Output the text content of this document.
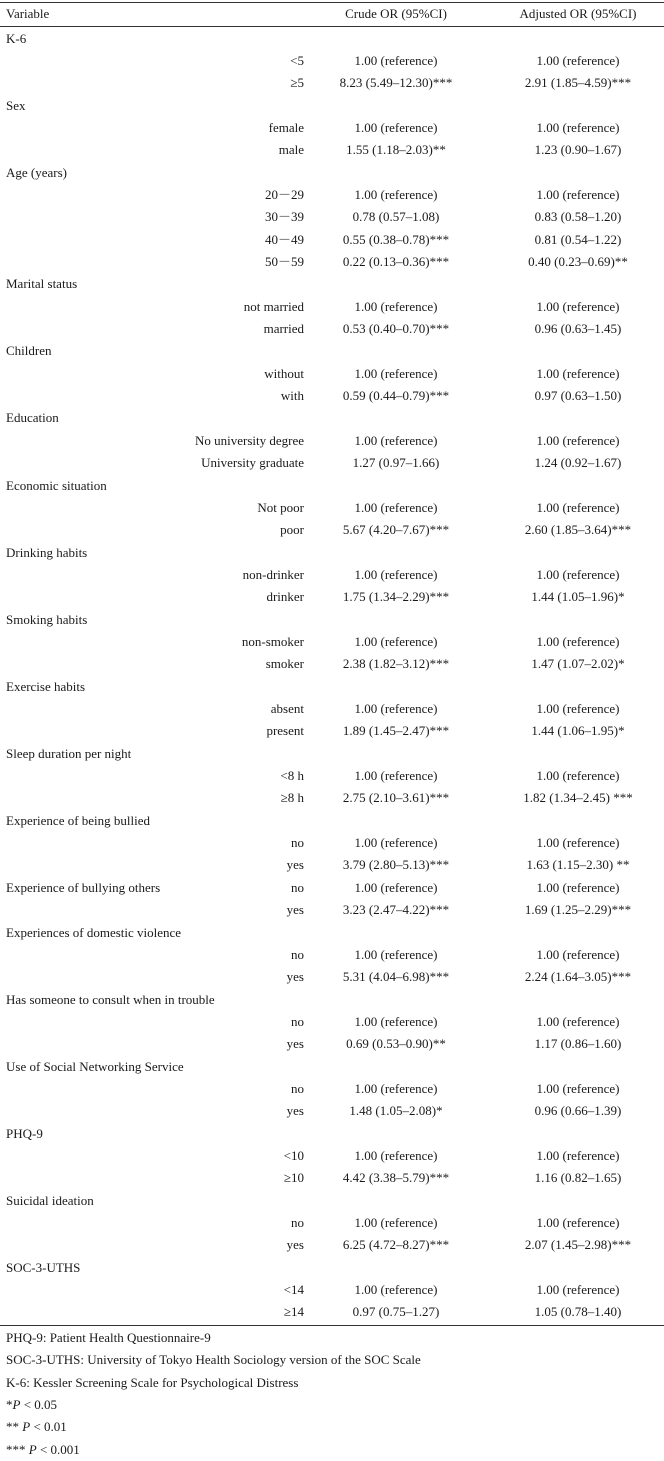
Variable	Crude OR (95%CI)	Adjusted OR (95%CI)
K-6
<5	1.00 (reference)	1.00 (reference)
≥5	8.23 (5.49–12.30)***	2.91 (1.85–4.59)***
Sex
female	1.00 (reference)	1.00 (reference)
male	1.55 (1.18–2.03)**	1.23 (0.90–1.67)
Age (years)
20－29	1.00 (reference)	1.00 (reference)
30－39	0.78 (0.57–1.08)	0.83 (0.58–1.20)
40－49	0.55 (0.38–0.78)***	0.81 (0.54–1.22)
50－59	0.22 (0.13–0.36)***	0.40 (0.23–0.69)**
Marital status
not married	1.00 (reference)	1.00 (reference)
married	0.53 (0.40–0.70)***	0.96 (0.63–1.45)
Children
without	1.00 (reference)	1.00 (reference)
with	0.59 (0.44–0.79)***	0.97 (0.63–1.50)
Education
No university degree	1.00 (reference)	1.00 (reference)
University graduate	1.27 (0.97–1.66)	1.24 (0.92–1.67)
Economic situation
Not poor	1.00 (reference)	1.00 (reference)
poor	5.67 (4.20–7.67)***	2.60 (1.85–3.64)***
Drinking habits
non-drinker	1.00 (reference)	1.00 (reference)
drinker	1.75 (1.34–2.29)***	1.44 (1.05–1.96)*
Smoking habits
non-smoker	1.00 (reference)	1.00 (reference)
smoker	2.38 (1.82–3.12)***	1.47 (1.07–2.02)*
Exercise habits
absent	1.00 (reference)	1.00 (reference)
present	1.89 (1.45–2.47)***	1.44 (1.06–1.95)*
Sleep duration per night
<8 h	1.00 (reference)	1.00 (reference)
≥8 h	2.75 (2.10–3.61)***	1.82 (1.34–2.45) ***
Experience of being bullied
no	1.00 (reference)	1.00 (reference)
yes	3.79 (2.80–5.13)***	1.63 (1.15–2.30) **
Experience of bullying others	no	1.00 (reference)	1.00 (reference)
yes	3.23 (2.47–4.22)***	1.69 (1.25–2.29)***
Experiences of domestic violence
no	1.00 (reference)	1.00 (reference)
yes	5.31 (4.04–6.98)***	2.24 (1.64–3.05)***
Has someone to consult when in trouble
no	1.00 (reference)	1.00 (reference)
yes	0.69 (0.53–0.90)**	1.17 (0.86–1.60)
Use of Social Networking Service
no	1.00 (reference)	1.00 (reference)
yes	1.48 (1.05–2.08)*	0.96 (0.66–1.39)
PHQ-9
<10	1.00 (reference)	1.00 (reference)
≥10	4.42 (3.38–5.79)***	1.16 (0.82–1.65)
Suicidal ideation
no	1.00 (reference)	1.00 (reference)
yes	6.25 (4.72–8.27)***	2.07 (1.45–2.98)***
SOC-3-UTHS
<14	1.00 (reference)	1.00 (reference)
≥14	0.97 (0.75–1.27)	1.05 (0.78–1.40)
PHQ-9: Patient Health Questionnaire-9
SOC-3-UTHS: University of Tokyo Health Sociology version of the SOC Scale
K-6: Kessler Screening Scale for Psychological Distress
*P < 0.05
** P < 0.01
*** P < 0.001
